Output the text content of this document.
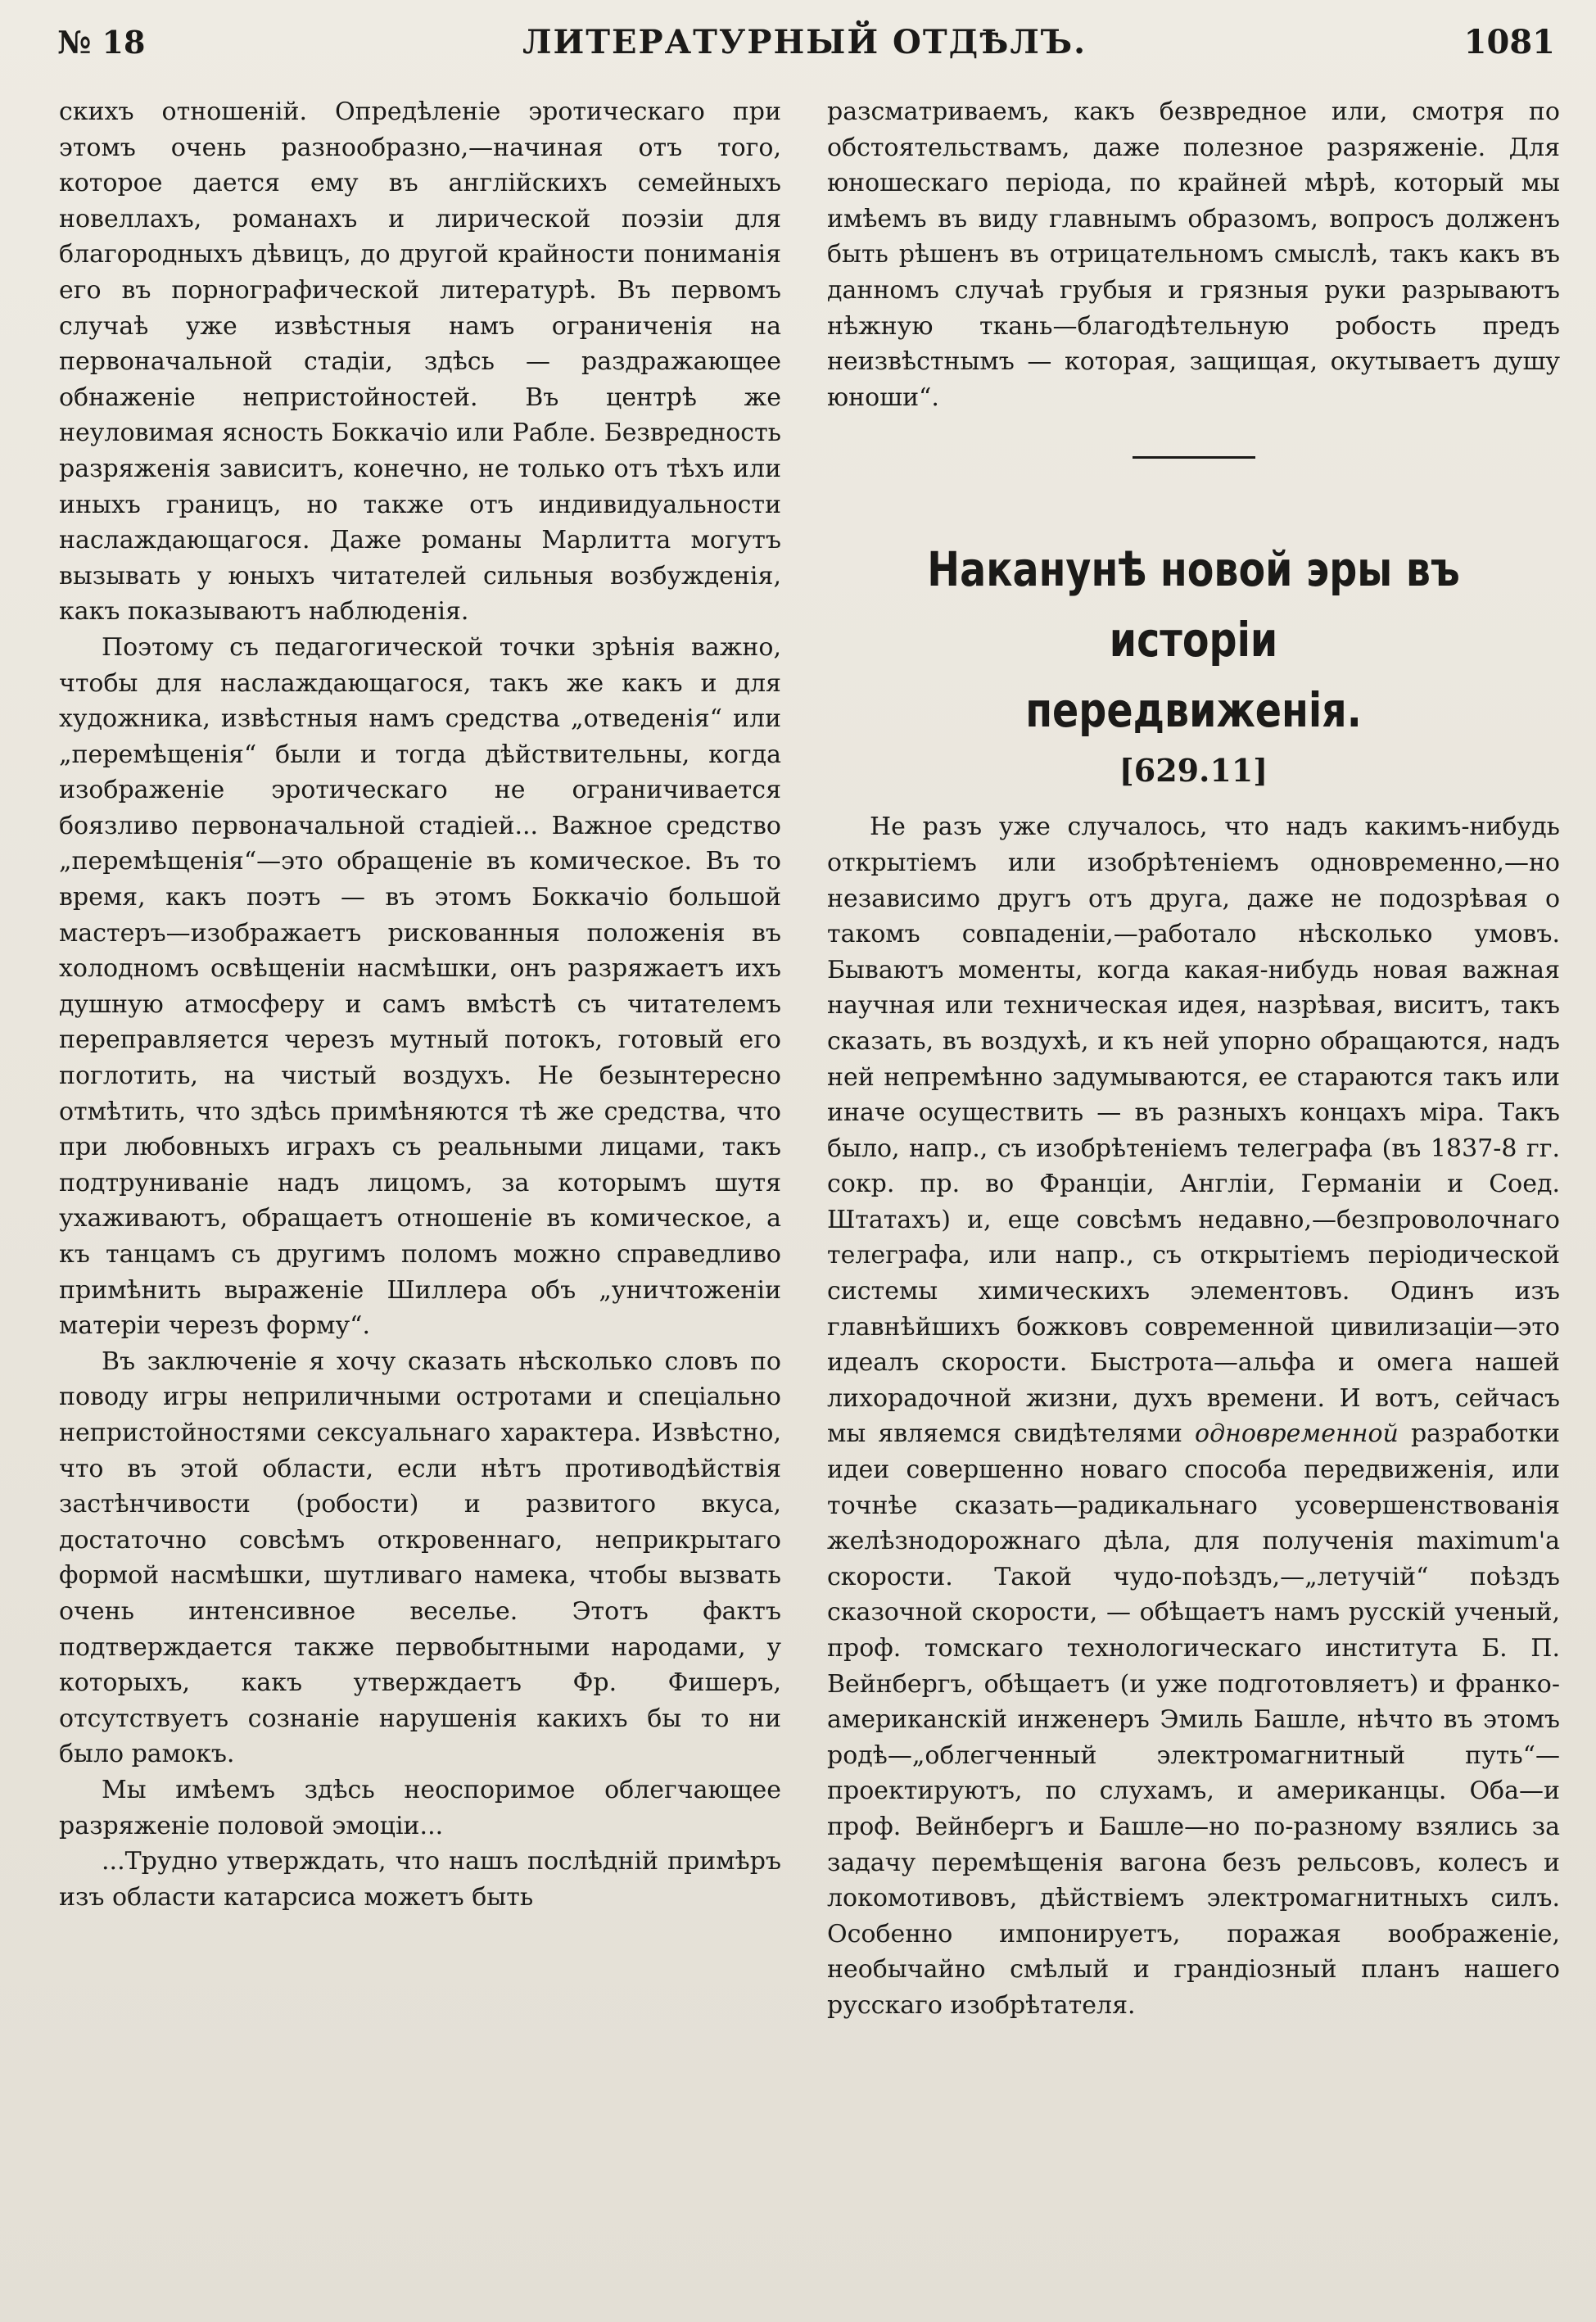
№ 18	ЛИТЕРАТУРНЫЙ ОТДѢЛЪ.	1081

скихъ отношеній. Опредѣленіе эротическаго при этомъ очень разнообразно,—начиная отъ того, которое дается ему въ англійскихъ семейныхъ новеллахъ, романахъ и лирической поэзіи для благородныхъ дѣвицъ, до другой крайности пониманія его въ порнографической литературѣ. Въ первомъ случаѣ уже извѣстныя намъ ограниченія на первоначальной стадіи, здѣсь — раздражающее обнаженіе непристойностей. Въ центрѣ же неуловимая ясность Боккачіо или Рабле. Безвредность разряженія зависитъ, конечно, не только отъ тѣхъ или иныхъ границъ, но также отъ индивидуальности наслаждающагося. Даже романы Марлитта могутъ вызывать у юныхъ читателей сильныя возбужденія, какъ показываютъ наблюденія.

Поэтому съ педагогической точки зрѣнія важно, чтобы для наслаждающагося, такъ же какъ и для художника, извѣстныя намъ средства „отведенія“ или „перемѣщенія“ были и тогда дѣйствительны, когда изображеніе эротическаго не ограничивается боязливо первоначальной стадіей... Важное средство „перемѣщенія“—это обращеніе въ комическое. Въ то время, какъ поэтъ — въ этомъ Боккачіо большой мастеръ—изображаетъ рискованныя положенія въ холодномъ освѣщеніи насмѣшки, онъ разряжаетъ ихъ душную атмосферу и самъ вмѣстѣ съ читателемъ переправляется черезъ мутный потокъ, готовый его поглотить, на чистый воздухъ. Не безынтересно отмѣтить, что здѣсь примѣняются тѣ же средства, что при любовныхъ играхъ съ реальными лицами, такъ подтруниваніе надъ лицомъ, за которымъ шутя ухаживаютъ, обращаетъ отношеніе въ комическое, а къ танцамъ съ другимъ поломъ можно справедливо примѣнить выраженіе Шиллера объ „уничтоженіи матеріи черезъ форму“.

Въ заключеніе я хочу сказать нѣсколько словъ по поводу игры неприличными остротами и спеціально непристойностями сексуальнаго характера. Извѣстно, что въ этой области, если нѣтъ противодѣйствія застѣнчивости (робости) и развитого вкуса, достаточно совсѣмъ откровеннаго, неприкрытаго формой насмѣшки, шутливаго намека, чтобы вызвать очень интенсивное веселье. Этотъ фактъ подтверждается также первобытными народами, у которыхъ, какъ утверждаетъ Фр. Фишеръ, отсутствуетъ сознаніе нарушенія какихъ бы то ни было рамокъ.

Мы имѣемъ здѣсь неоспоримое облегчающее разряженіе половой эмоціи...

...Трудно утверждать, что нашъ послѣдній примѣръ изъ области катарсиса можетъ быть

разсматриваемъ, какъ безвредное или, смотря по обстоятельствамъ, даже полезное разряженіе. Для юношескаго періода, по крайней мѣрѣ, который мы имѣемъ въ виду главнымъ образомъ, вопросъ долженъ быть рѣшенъ въ отрицательномъ смыслѣ, такъ какъ въ данномъ случаѣ грубыя и грязныя руки разрываютъ нѣжную ткань—благодѣтельную робость предъ неизвѣстнымъ — которая, защищая, окутываетъ душу юноши“.

Наканунѣ новой эры въ исторіи
передвиженія.
[629.11]

Не разъ уже случалось, что надъ какимъ-нибудь открытіемъ или изобрѣтеніемъ одновременно,—но независимо другъ отъ друга, даже не подозрѣвая о такомъ совпаденіи,—работало нѣсколько умовъ. Бываютъ моменты, когда какая-нибудь новая важная научная или техническая идея, назрѣвая, виситъ, такъ сказать, въ воздухѣ, и къ ней упорно обращаются, надъ ней непремѣнно задумываются, ее стараются такъ или иначе осуществить — въ разныхъ концахъ міра. Такъ было, напр., съ изобрѣтеніемъ телеграфа (въ 1837-8 гг. сокр. пр. во Франціи, Англіи, Германіи и Соед. Штатахъ) и, еще совсѣмъ недавно,—безпроволочнаго телеграфа, или напр., съ открытіемъ періодической системы химическихъ элементовъ. Одинъ изъ главнѣйшихъ божковъ современной цивилизаціи—это идеалъ скорости. Быстрота—альфа и омега нашей лихорадочной жизни, духъ времени. И вотъ, сейчасъ мы являемся свидѣтелями одновременной разработки идеи совершенно новаго способа передвиженія, или точнѣе сказать—радикальнаго усовершенствованія желѣзнодорожнаго дѣла, для полученія maximum'а скорости. Такой чудо-поѣздъ,—„летучій“ поѣздъ сказочной скорости, — обѣщаетъ намъ русскій ученый, проф. томскаго технологическаго института Б. П. Вейнбергъ, обѣщаетъ (и уже подготовляетъ) и франко-американскій инженеръ Эмиль Башле, нѣчто въ этомъ родѣ—„облегченный электромагнитный путь“—проектируютъ, по слухамъ, и американцы. Оба—и проф. Вейнбергъ и Башле—но по-разному взялись за задачу перемѣщенія вагона безъ рельсовъ, колесъ и локомотивовъ, дѣйствіемъ электромагнитныхъ силъ. Особенно импонируетъ, поражая воображеніе, необычайно смѣлый и грандіозный планъ нашего русскаго изобрѣтателя.
